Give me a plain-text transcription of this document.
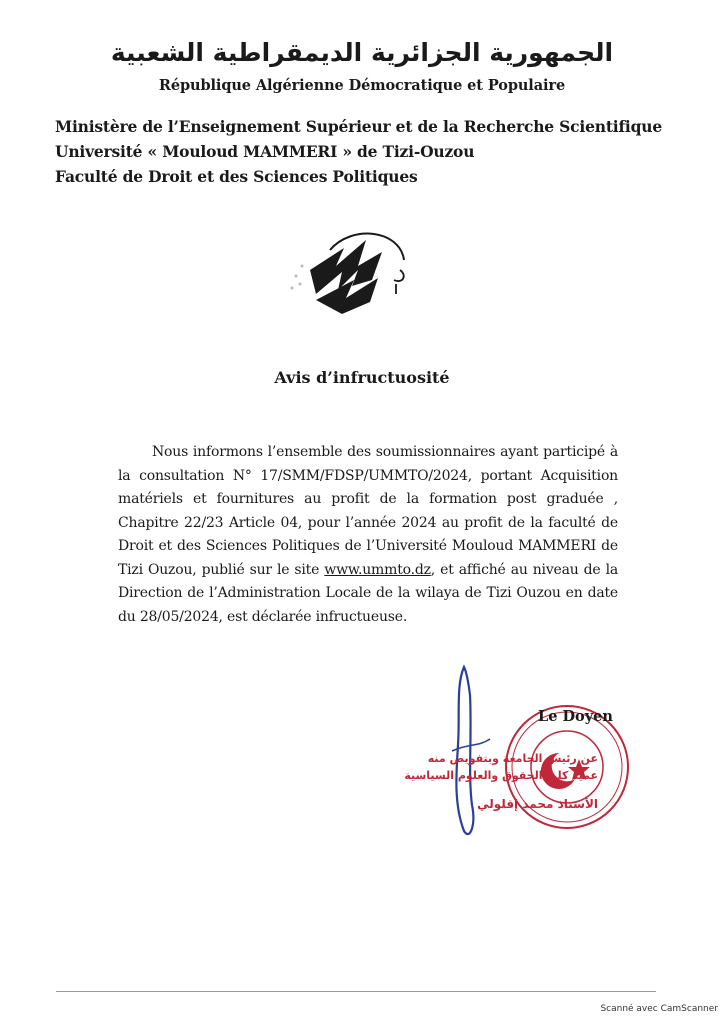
الجمهورية الجزائرية الديمقراطية الشعبية
République Algérienne Démocratique et Populaire
Ministère de l’Enseignement Supérieur et de la Recherche Scientifique
Université « Mouloud MAMMERI » de Tizi-Ouzou
Faculté de Droit et des Sciences Politiques
Avis d’infructuosité
Nous informons l’ensemble des soumissionnaires ayant participé à la consultation N° 17/SMM/FDSP/UMMTO/2024, portant Acquisition matériels et fournitures au profit de la formation post graduée , Chapitre 22/23 Article 04, pour l’année 2024 au profit de la faculté de Droit et des Sciences Politiques de l’Université Mouloud MAMMERI de Tizi Ouzou, publié sur le site www.ummto.dz, et affiché au niveau de la Direction de l’Administration Locale de la wilaya de Tizi Ouzou en date du 28/05/2024, est déclarée infructueuse.
Le Doyen
عن رئيس الجامعة وبتفويض منه
عميد كلية الحقوق والعلوم السياسية
الأستاذ محمد إقلولي
Scanné avec CamScanner
